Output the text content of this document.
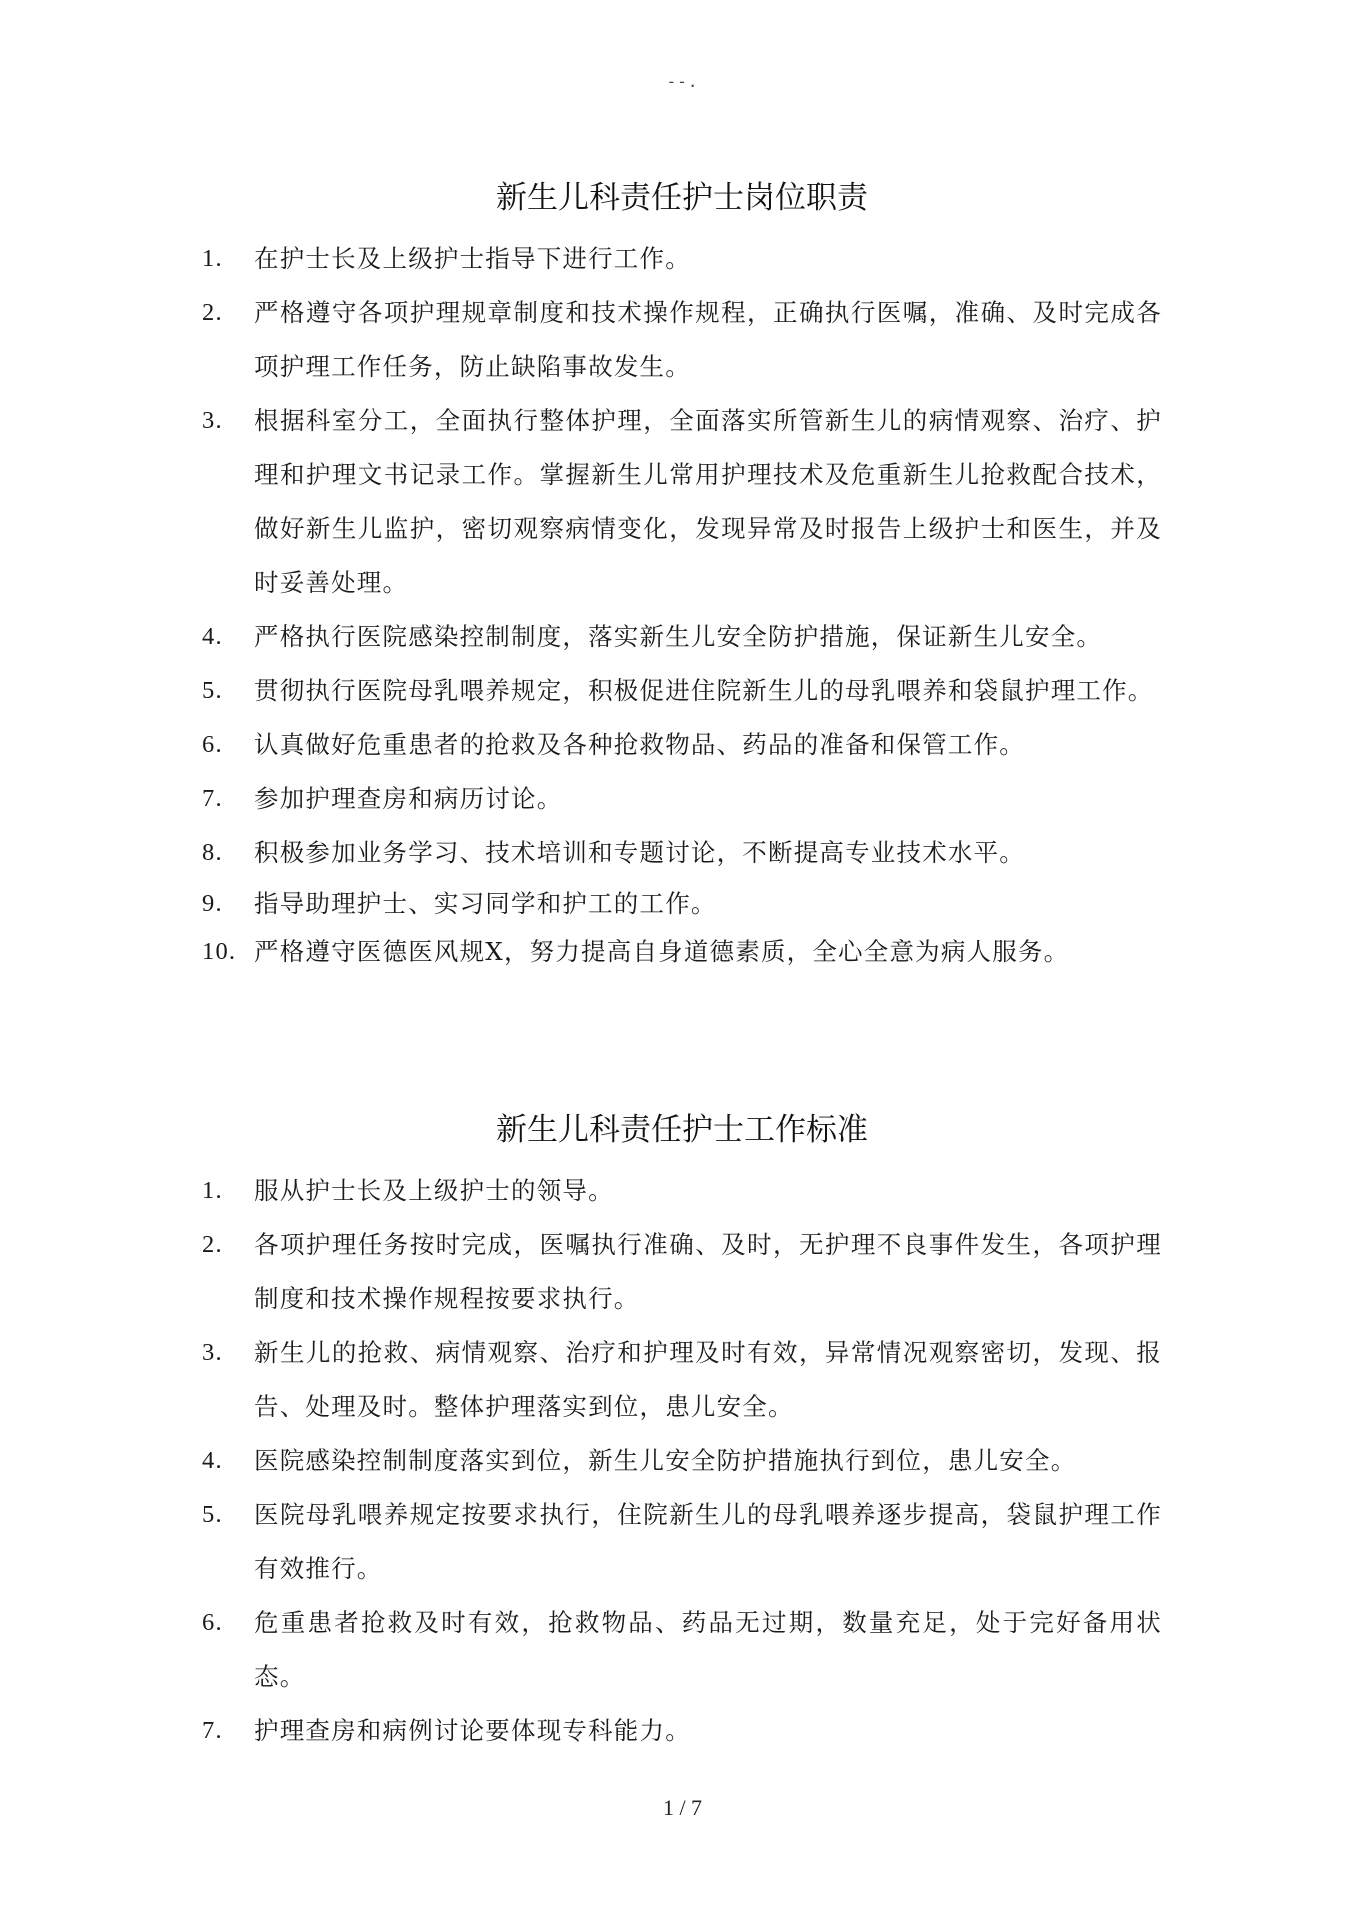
--.
新生儿科责任护士岗位职责
1.	在护士长及上级护士指导下进行工作。
2.	严格遵守各项护理规章制度和技术操作规程，正确执行医嘱，准确、及时完成各项护理工作任务，防止缺陷事故发生。
3.	根据科室分工，全面执行整体护理，全面落实所管新生儿的病情观察、治疗、护理和护理文书记录工作。掌握新生儿常用护理技术及危重新生儿抢救配合技术，做好新生儿监护，密切观察病情变化，发现异常及时报告上级护士和医生，并及时妥善处理。
4.	严格执行医院感染控制制度，落实新生儿安全防护措施，保证新生儿安全。
5.	贯彻执行医院母乳喂养规定，积极促进住院新生儿的母乳喂养和袋鼠护理工作。
6.	认真做好危重患者的抢救及各种抢救物品、药品的准备和保管工作。
7.	参加护理查房和病历讨论。
8.	积极参加业务学习、技术培训和专题讨论，不断提高专业技术水平。
9.	指导助理护士、实习同学和护工的工作。
10. 严格遵守医德医风规X，努力提高自身道德素质，全心全意为病人服务。
新生儿科责任护士工作标准
1.	服从护士长及上级护士的领导。
2.	各项护理任务按时完成，医嘱执行准确、及时，无护理不良事件发生，各项护理制度和技术操作规程按要求执行。
3.	新生儿的抢救、病情观察、治疗和护理及时有效，异常情况观察密切，发现、报告、处理及时。整体护理落实到位，患儿安全。
4.	医院感染控制制度落实到位，新生儿安全防护措施执行到位，患儿安全。
5.	医院母乳喂养规定按要求执行，住院新生儿的母乳喂养逐步提高，袋鼠护理工作有效推行。
6.	危重患者抢救及时有效，抢救物品、药品无过期，数量充足，处于完好备用状态。
7.	护理查房和病例讨论要体现专科能力。
1 / 7
